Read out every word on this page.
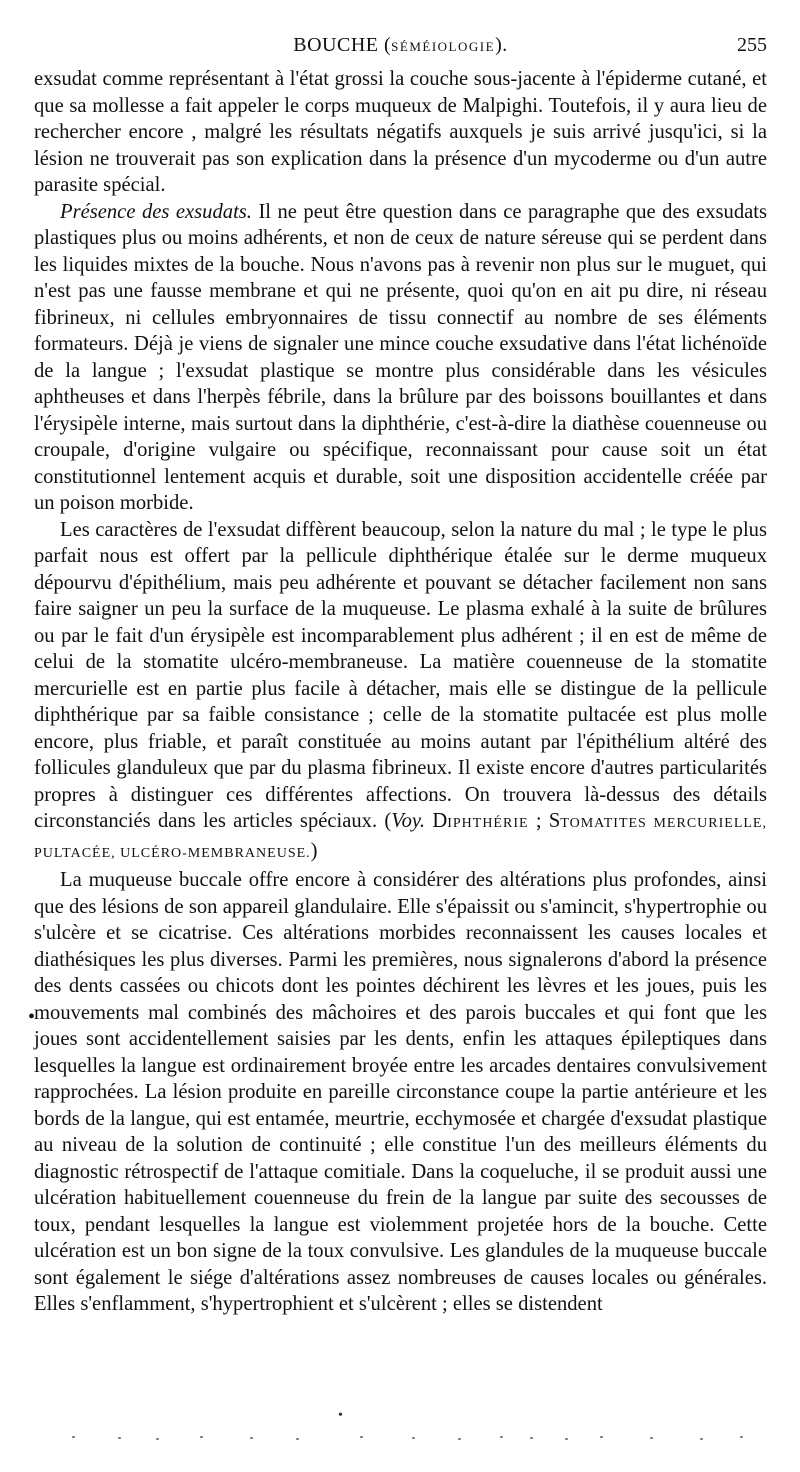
BOUCHE (SÉMÉIOLOGIE).	255

exsudat comme représentant à l'état grossi la couche sous-jacente à l'épiderme cutané, et que sa mollesse a fait appeler le corps muqueux de Malpighi. Toutefois, il y aura lieu de rechercher encore , malgré les résultats négatifs auxquels je suis arrivé jusqu'ici, si la lésion ne trouverait pas son explication dans la présence d'un mycoderme ou d'un autre parasite spécial.

Présence des exsudats. Il ne peut être question dans ce paragraphe que des exsudats plastiques plus ou moins adhérents, et non de ceux de nature séreuse qui se perdent dans les liquides mixtes de la bouche. Nous n'avons pas à revenir non plus sur le muguet, qui n'est pas une fausse membrane et qui ne présente, quoi qu'on en ait pu dire, ni réseau fibrineux, ni cellules embryonnaires de tissu connectif au nombre de ses éléments formateurs. Déjà je viens de signaler une mince couche exsudative dans l'état lichénoïde de la langue ; l'exsudat plastique se montre plus considérable dans les vésicules aphtheuses et dans l'herpès fébrile, dans la brûlure par des boissons bouillantes et dans l'érysipèle interne, mais surtout dans la diphthérie, c'est-à-dire la diathèse couenneuse ou croupale, d'origine vulgaire ou spécifique, reconnaissant pour cause soit un état constitutionnel lentement acquis et durable, soit une disposition accidentelle créée par un poison morbide.

Les caractères de l'exsudat diffèrent beaucoup, selon la nature du mal ; le type le plus parfait nous est offert par la pellicule diphthérique étalée sur le derme muqueux dépourvu d'épithélium, mais peu adhérente et pouvant se détacher facilement non sans faire saigner un peu la surface de la muqueuse. Le plasma exhalé à la suite de brûlures ou par le fait d'un érysipèle est incomparablement plus adhérent ; il en est de même de celui de la stomatite ulcéro-membraneuse. La matière couenneuse de la stomatite mercurielle est en partie plus facile à détacher, mais elle se distingue de la pellicule diphthérique par sa faible consistance ; celle de la stomatite pultacée est plus molle encore, plus friable, et paraît constituée au moins autant par l'épithélium altéré des follicules glanduleux que par du plasma fibrineux. Il existe encore d'autres particularités propres à distinguer ces différentes affections. On trouvera là-dessus des détails circonstanciés dans les articles spéciaux. (Voy. DIPHTHÉRIE ; STOMATITES MERCURIELLE, PULTACÉE, ULCÉRO-MEMBRANEUSE.)

La muqueuse buccale offre encore à considérer des altérations plus profondes, ainsi que des lésions de son appareil glandulaire. Elle s'épaissit ou s'amincit, s'hypertrophie ou s'ulcère et se cicatrise. Ces altérations morbides reconnaissent les causes locales et diathésiques les plus diverses. Parmi les premières, nous signalerons d'abord la présence des dents cassées ou chicots dont les pointes déchirent les lèvres et les joues, puis les mouvements mal combinés des mâchoires et des parois buccales et qui font que les joues sont accidentellement saisies par les dents, enfin les attaques épileptiques dans lesquelles la langue est ordinairement broyée entre les arcades dentaires convulsivement rapprochées. La lésion produite en pareille circonstance coupe la partie antérieure et les bords de la langue, qui est entamée, meurtrie, ecchymosée et chargée d'exsudat plastique au niveau de la solution de continuité ; elle constitue l'un des meilleurs éléments du diagnostic rétrospectif de l'attaque comitiale. Dans la coqueluche, il se produit aussi une ulcération habituellement couenneuse du frein de la langue par suite des secousses de toux, pendant lesquelles la langue est violemment projetée hors de la bouche. Cette ulcération est un bon signe de la toux convulsive. Les glandules de la muqueuse buccale sont également le siége d'altérations assez nombreuses de causes locales ou générales. Elles s'enflamment, s'hypertrophient et s'ulcèrent ; elles se distendent

•
•
